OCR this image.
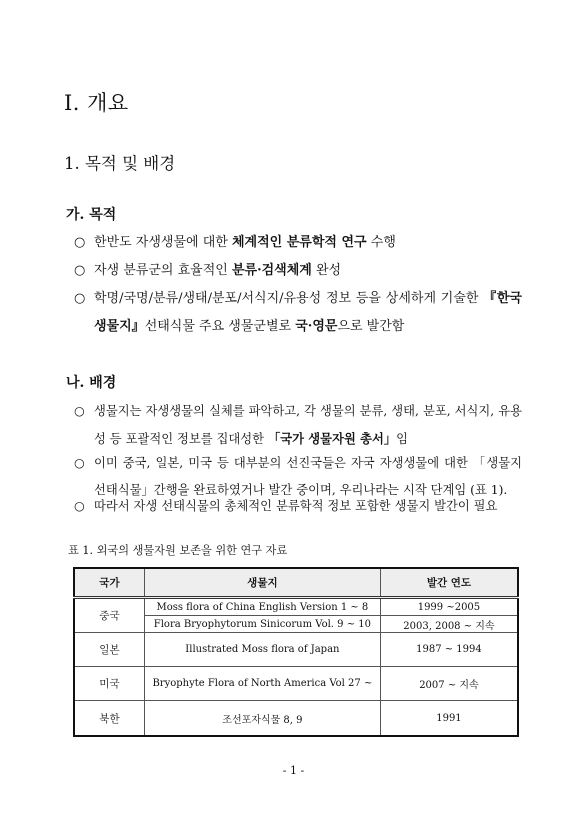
Ⅰ. 개요
1. 목적 및 배경
가. 목적
○ 한반도 자생생물에 대한 체계적인 분류학적 연구 수행
○ 자생 분류군의 효율적인 분류·검색체계 완성
○ 학명/국명/분류/생태/분포/서식지/유용성 정보 등을 상세하게 기술한 『한국 생물지』선태식물 주요 생물군별로 국·영문으로 발간함
나. 배경
○ 생물지는 자생생물의 실체를 파악하고, 각 생물의 분류, 생태, 분포, 서식지, 유용성 등 포괄적인 정보를 집대성한 「국가 생물자원 총서」임
○ 이미 중국, 일본, 미국 등 대부분의 선진국들은 자국 자생생물에 대한 「생물지 선태식물」간행을 완료하였거나 발간 중이며, 우리나라는 시작 단계임 (표 1).
○ 따라서 자생 선태식물의 총체적인 분류학적 정보 포함한 생물지 발간이 필요
표 1. 외국의 생물자원 보존을 위한 연구 자료
국가	생물지	발간 연도
중국	Moss flora of China English Version 1 ~ 8	1999 ~2005
	Flora Bryophytorum Sinicorum Vol. 9 ~ 10	2003, 2008 ~ 지속
일본	Illustrated Moss flora of Japan	1987 ~ 1994
미국	Bryophyte Flora of North America Vol 27 ~	2007 ~ 지속
북한	조선포자식물 8, 9	1991
- 1 -
